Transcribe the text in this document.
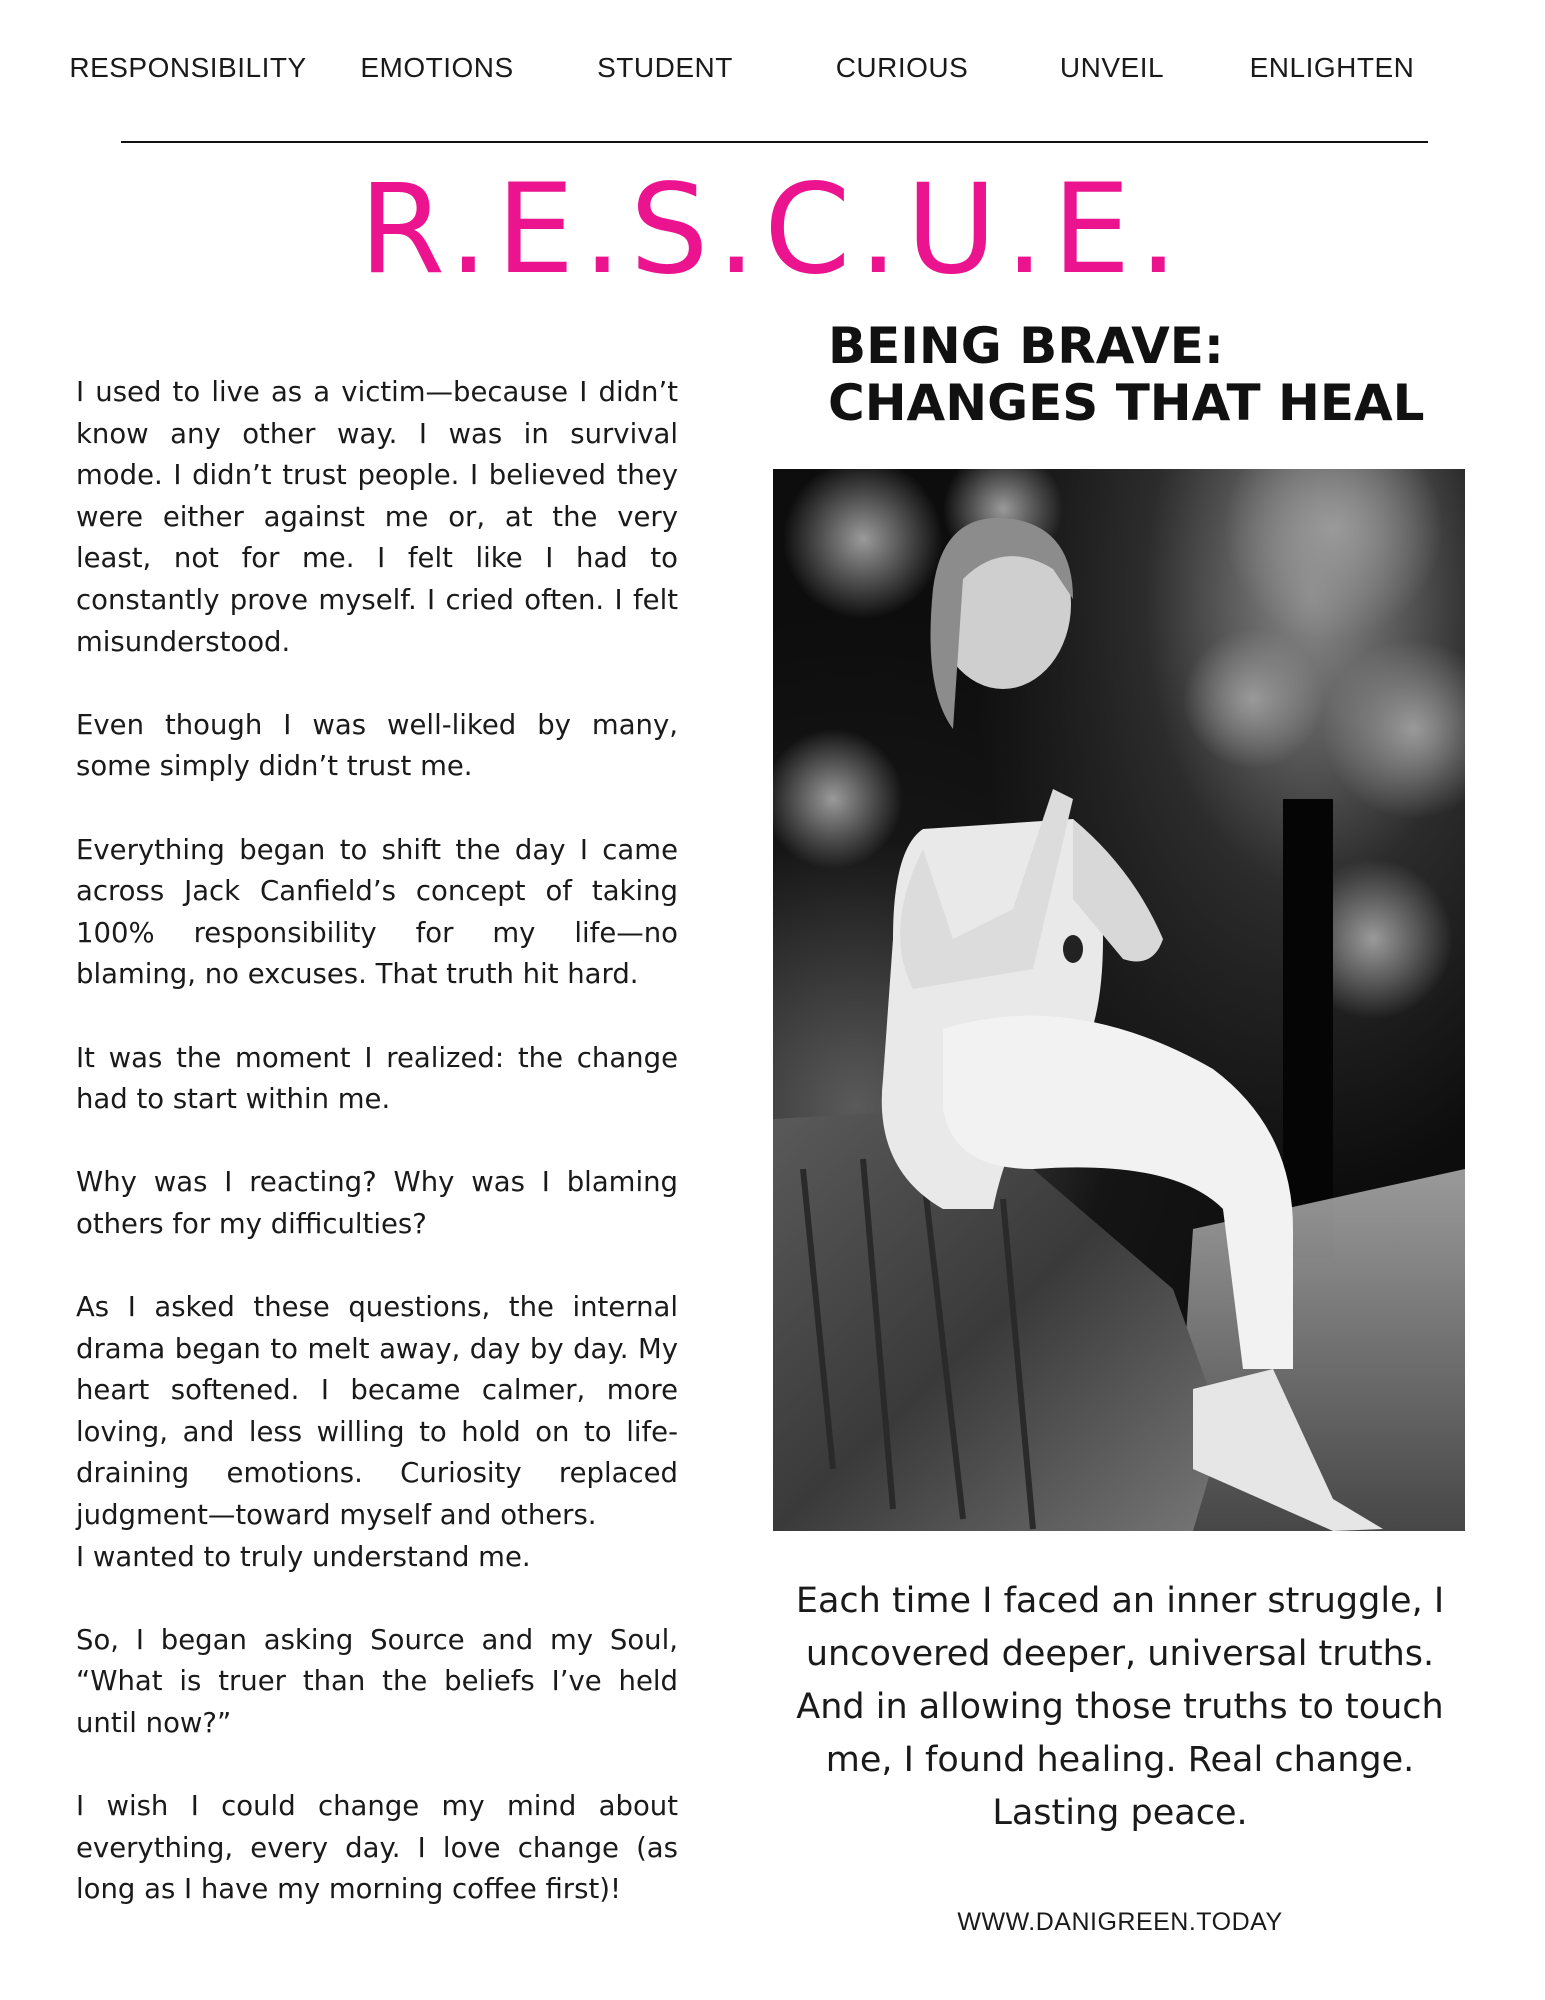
RESPONSIBILITY EMOTIONS	STUDENT	CURIOUS	UNVEIL	ENLIGHTEN
R.E.S.C.U.E.
BEING BRAVE:
CHANGES THAT HEAL

I used to live as a victim—because I didn’t know any other way. I was in survival mode. I didn’t trust people. I believed they were either against me or, at the very least, not for me. I felt like I had to constantly prove myself. I cried often. I felt misunderstood.

Even though I was well-liked by many, some simply didn’t trust me.

Everything began to shift the day I came across Jack Canfield’s concept of taking 100% responsibility for my life—no blaming, no excuses. That truth hit hard.

It was the moment I realized: the change had to start within me.

Why was I reacting? Why was I blaming others for my difficulties?

As I asked these questions, the internal drama began to melt away, day by day. My heart softened. I became calmer, more loving, and less willing to hold on to life-draining emotions. Curiosity replaced judgment—toward myself and others.

I wanted to truly understand me.

So, I began asking Source and my Soul, “What is truer than the beliefs I’ve held until now?”

I wish I could change my mind about everything, every day. I love change (as long as I have my morning coffee first)!

Each time I faced an inner struggle, I uncovered deeper, universal truths. And in allowing those truths to touch me, I found healing. Real change. Lasting peace.
WWW.DANIGREEN.TODAY
